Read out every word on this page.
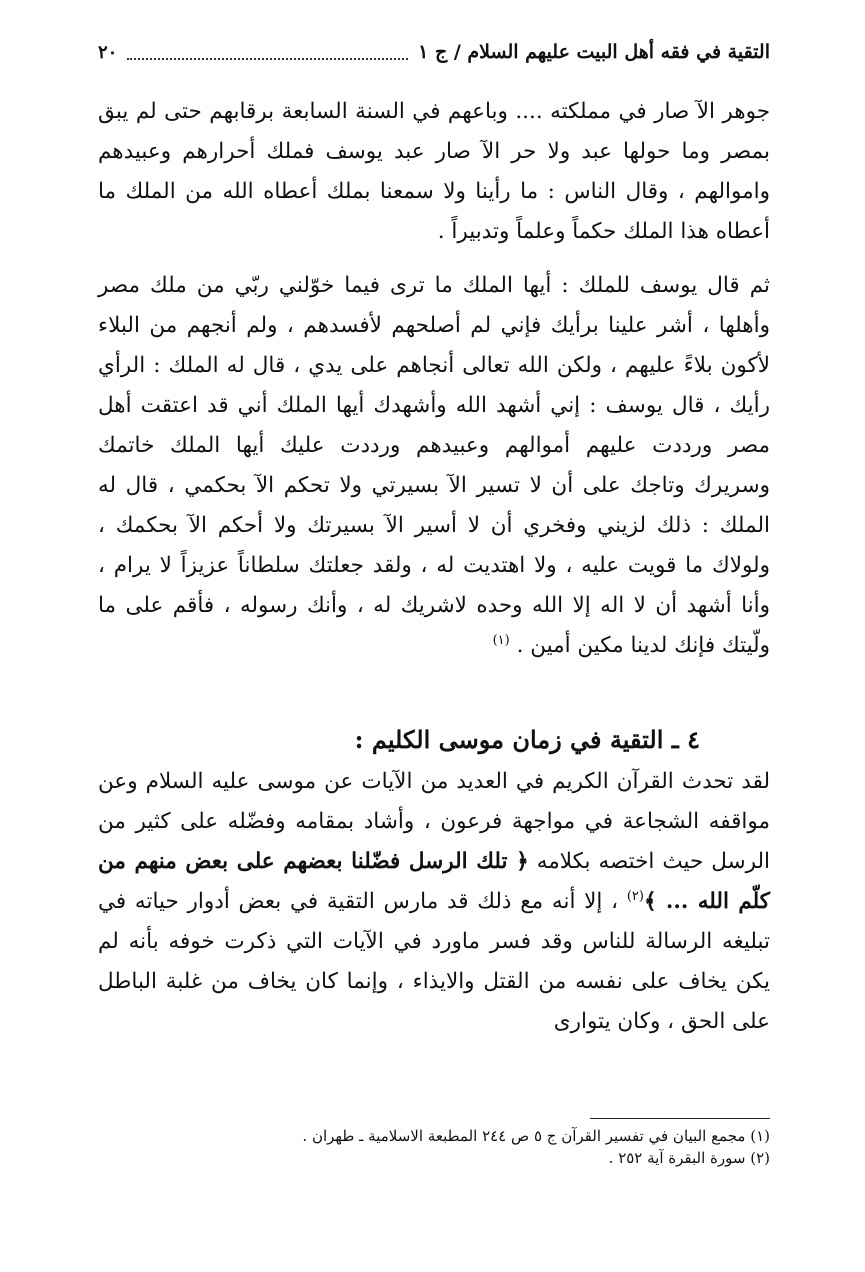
التقية في فقه أهل البيت عليهم السلام / ج ١
٢٠

جوهر الآ صار في مملكته .... وباعهم في السنة السابعة برقابهم حتى لم يبق بمصر وما حولها عبد ولا حر الآ صار عبد يوسف فملك أحرارهم وعبيدهم واموالهم ، وقال الناس : ما رأينا ولا سمعنا بملك أعطاه الله من الملك ما أعطاه هذا الملك حكماً وعلماً وتدبيراً .

ثم قال يوسف للملك : أيها الملك ما ترى فيما خوّلني ربّي من ملك مصر وأهلها ، أشر علينا برأيك فإني لم أصلحهم لأفسدهم ، ولم أنجهم من البلاء لأكون بلاءً عليهم ، ولكن الله تعالى أنجاهم على يدي ، قال له الملك : الرأي رأيك ، قال يوسف : إني أشهد الله وأشهدك أيها الملك أني قد اعتقت أهل مصر ورددت عليهم أموالهم وعبيدهم ورددت عليك أيها الملك خاتمك وسريرك وتاجك على أن لا تسير الآ بسيرتي ولا تحكم الآ بحكمي ، قال له الملك : ذلك لزيني وفخري أن لا أسير الآ بسيرتك ولا أحكم الآ بحكمك ، ولولاك ما قويت عليه ، ولا اهتديت له ، ولقد جعلتك سلطاناً عزيزاً لا يرام ، وأنا أشهد أن لا اله إلا الله وحده لاشريك له ، وأنك رسوله ، فأقم على ما ولّيتك فإنك لدينا مكين أمين . $^{(١)}$

٤ ـ التقية في زمان موسى الكليم :

لقد تحدث القرآن الكريم في العديد من الآيات عن موسى عليه السلام وعن مواقفه الشجاعة في مواجهة فرعون ، وأشاد بمقامه وفضّله على كثير من الرسل حيث اختصه بكلامه ﴿ تلك الرسل فضّلنا بعضهم على بعض منهم من كلّم الله ... ﴾$^{(٢)}$ ، إلا أنه مع ذلك قد مارس التقية في بعض أدوار حياته في تبليغه الرسالة للناس وقد فسر ماورد في الآيات التي ذكرت خوفه بأنه لم يكن يخاف على نفسه من القتل والايذاء ، وإنما كان يخاف من غلبة الباطل على الحق ، وكان يتوارى

(١) مجمع البيان في تفسير القرآن ج ٥ ص ٢٤٤ المطبعة الاسلامية ـ طهران .
(٢) سورة البقرة آية ٢٥٢ .
